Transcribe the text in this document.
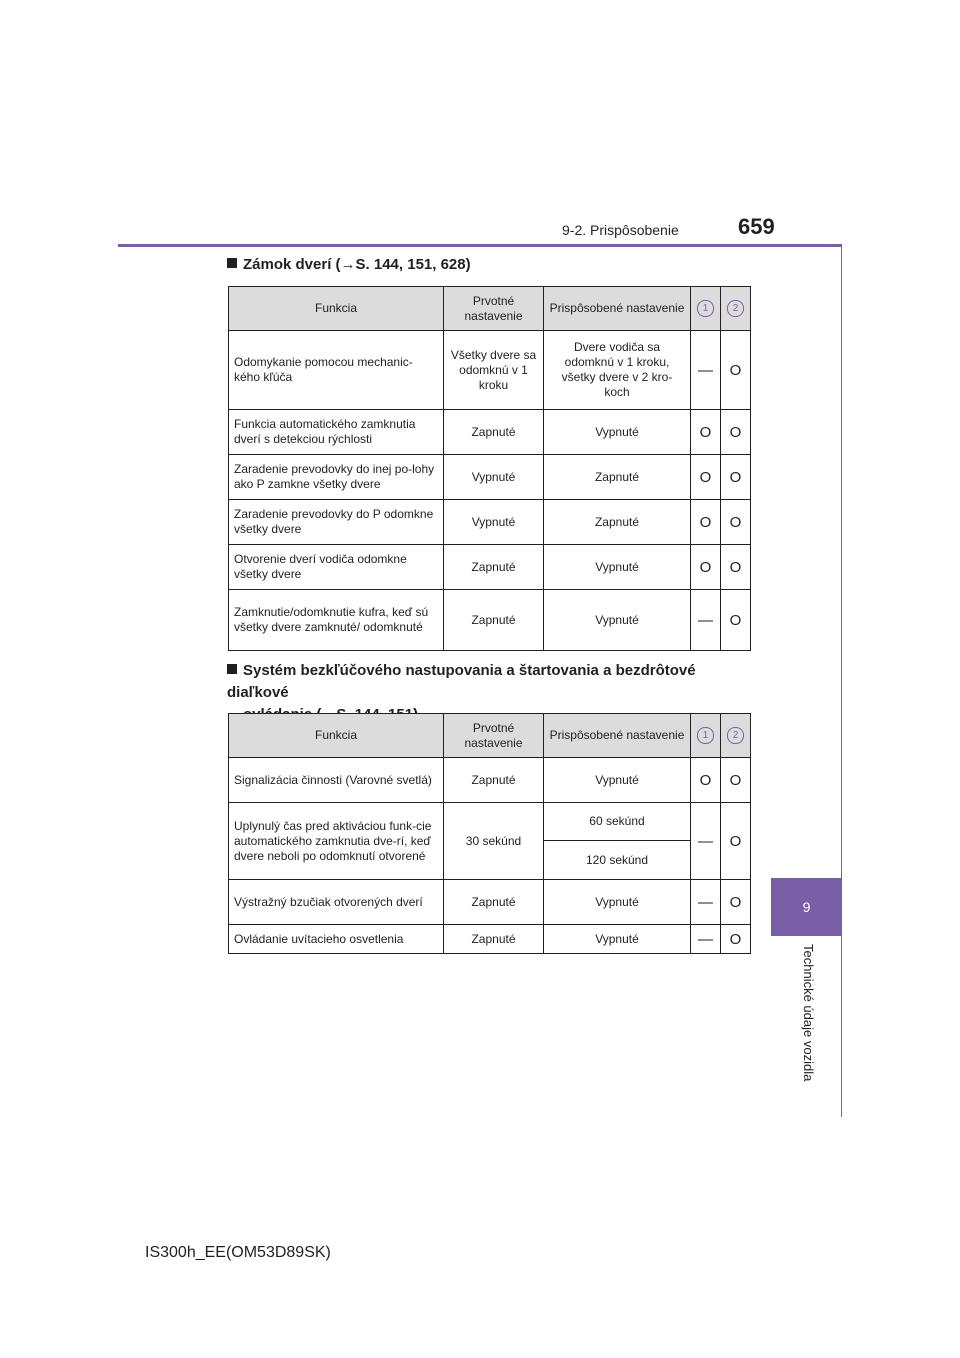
9-2. Prispôsobenie	659
9
Technické údaje vozidla
Zámok dverí (→S. 144, 151, 628)
Funkcia	Prvotné nastavenie	Prispôsobené nastavenie	1	2
Odomykanie pomocou mechanic-kého kľúča	Všetky dvere sa odomknú v 1 kroku	Dvere vodiča sa odomknú v 1 kroku, všetky dvere v 2 kro-koch	—	O
Funkcia automatického zamknutia dverí s detekciou rýchlosti	Zapnuté	Vypnuté	O	O
Zaradenie prevodovky do inej po-lohy ako P zamkne všetky dvere	Vypnuté	Zapnuté	O	O
Zaradenie prevodovky do P odomkne všetky dvere	Vypnuté	Zapnuté	O	O
Otvorenie dverí vodiča odomkne všetky dvere	Zapnuté	Vypnuté	O	O
Zamknutie/odomknutie kufra, keď sú všetky dvere zamknuté/ odomknuté	Zapnuté	Vypnuté	—	O
Systém bezkľúčového nastupovania a štartovania a bezdrôtové diaľkové
Funkcia	Prvotné nastavenie	Prispôsobené nastavenie	1	2
Signalizácia činnosti (Varovné svetlá)	Zapnuté	Vypnuté	O	O
Uplynulý čas pred aktiváciou funk-cie automatického zamknutia dve-rí, keď dvere neboli po odomknutí otvorené	30 sekúnd	60 sekúnd	—	O
		120 sekúnd		
Výstražný bzučiak otvorených dverí	Zapnuté	Vypnuté	—	O
Ovládanie uvítacieho osvetlenia	Zapnuté	Vypnuté	—	O
IS300h_EE(OM53D89SK)
